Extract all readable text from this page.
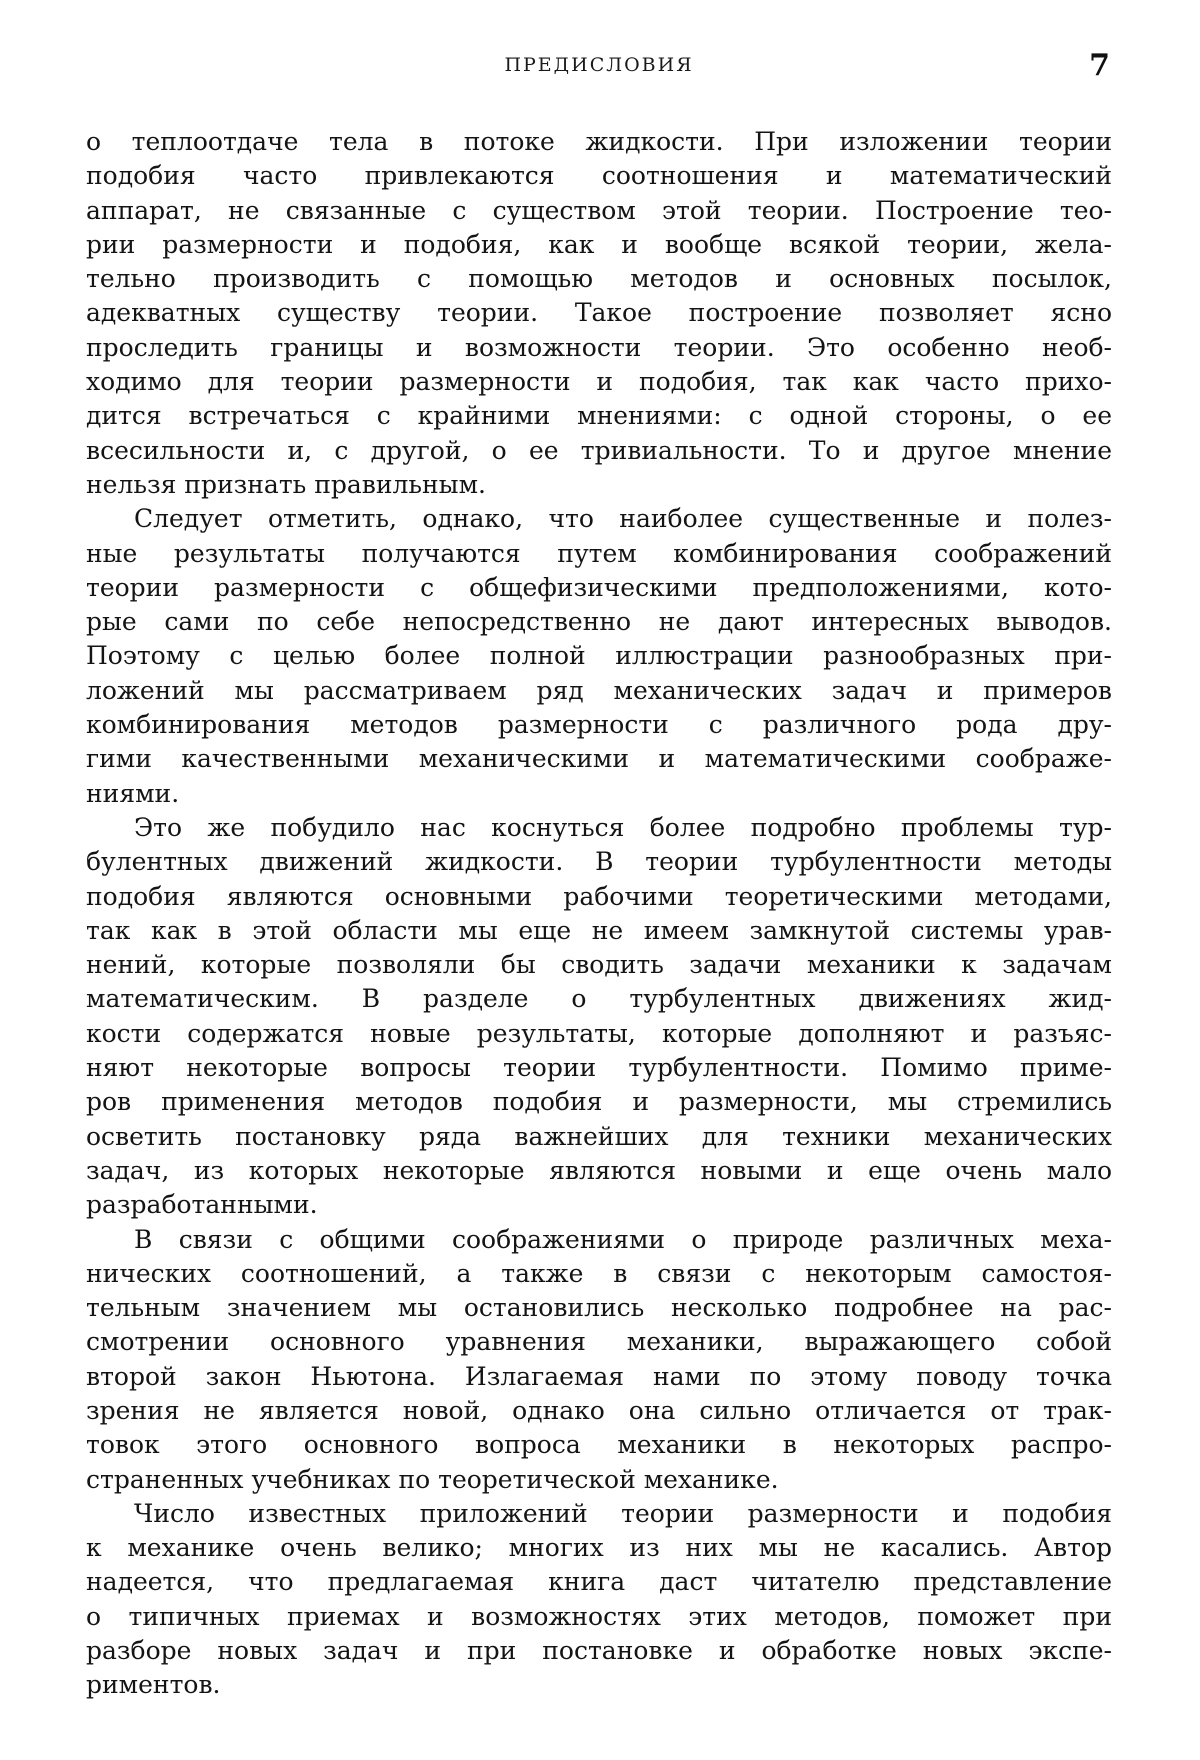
ПРЕДИСЛОВИЯ	7
о теплоотдаче тела в потоке жидкости. При изложении теории
подобия часто привлекаются соотношения и математический
аппарат, не связанные с существом этой теории. Построение тео-
рии размерности и подобия, как и вообще всякой теории, жела-
тельно производить с помощью методов и основных посылок,
адекватных существу теории. Такое построение позволяет ясно
проследить границы и возможности теории. Это особенно необ-
ходимо для теории размерности и подобия, так как часто прихо-
дится встречаться с крайними мнениями: с одной стороны, о ее
всесильности и, с другой, о ее тривиальности. То и другое мнение
нельзя признать правильным.
Следует отметить, однако, что наиболее существенные и полез-
ные результаты получаются путем комбинирования соображений
теории размерности с общефизическими предположениями, кото-
рые сами по себе непосредственно не дают интересных выводов.
Поэтому с целью более полной иллюстрации разнообразных при-
ложений мы рассматриваем ряд механических задач и примеров
комбинирования методов размерности с различного рода дру-
гими качественными механическими и математическими соображе-
ниями.
Это же побудило нас коснуться более подробно проблемы тур-
булентных движений жидкости. В теории турбулентности методы
подобия являются основными рабочими теоретическими методами,
так как в этой области мы еще не имеем замкнутой системы урав-
нений, которые позволяли бы сводить задачи механики к задачам
математическим. В разделе о турбулентных движениях жид-
кости содержатся новые результаты, которые дополняют и разъяс-
няют некоторые вопросы теории турбулентности. Помимо приме-
ров применения методов подобия и размерности, мы стремились
осветить постановку ряда важнейших для техники механических
задач, из которых некоторые являются новыми и еще очень мало
разработанными.
В связи с общими соображениями о природе различных меха-
нических соотношений, а также в связи с некоторым самостоя-
тельным значением мы остановились несколько подробнее на рас-
смотрении основного уравнения механики, выражающего собой
второй закон Ньютона. Излагаемая нами по этому поводу точка
зрения не является новой, однако она сильно отличается от трак-
товок этого основного вопроса механики в некоторых распро-
страненных учебниках по теоретической механике.
Число известных приложений теории размерности и подобия
к механике очень велико; многих из них мы не касались. Автор
надеется, что предлагаемая книга даст читателю представление
о типичных приемах и возможностях этих методов, поможет при
разборе новых задач и при постановке и обработке новых экспе-
риментов.
